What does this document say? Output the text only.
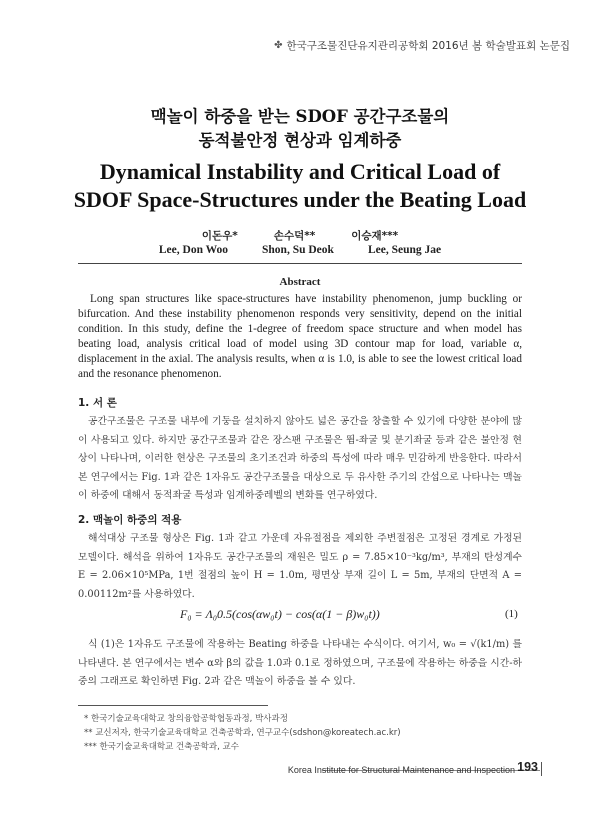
✤ 한국구조물진단유지관리공학회 2016년 봄 학술발표회 논문집
맥놀이 하중을 받는 SDOF 공간구조물의
동적불안정 현상과 임계하중
Dynamical Instability and Critical Load of
SDOF Space-Structures under the Beating Load
이돈우*	손수덕**	이승재***
Lee, Don Woo	Shon, Su Deok	Lee, Seung Jae
Abstract
Long span structures like space-structures have instability phenomenon, jump buckling or bifurcation. And these instability phenomenon responds very sensitivity, depend on the initial condition. In this study, define the 1-degree of freedom space structure and when model has beating load, analysis critical load of model using 3D contour map for load, variable α, displacement in the axial. The analysis results, when α is 1.0, is able to see the lowest critical load and the resonance phenomenon.
1. 서 론
공간구조물은 구조물 내부에 기둥을 설치하지 않아도 넓은 공간을 창출할 수 있기에 다양한 분야에 많이 사용되고 있다. 하지만 공간구조물과 같은 장스팬 구조물은 뜀-좌굴 및 분기좌굴 등과 같은 불안정 현상이 나타나며, 이러한 현상은 구조물의 초기조건과 하중의 특성에 따라 매우 민감하게 반응한다. 따라서 본 연구에서는 Fig. 1과 같은 1자유도 공간구조물을 대상으로 두 유사한 주기의 간섭으로 나타나는 맥놀이 하중에 대해서 동적좌굴 특성과 임계하중레벨의 변화를 연구하였다.
2. 맥놀이 하중의 적용
해석대상 구조물 형상은 Fig. 1과 같고 가운데 자유절점을 제외한 주변절점은 고정된 경계로 가정된 모델이다. 해석을 위하여 1자유도 공간구조물의 재원은 밀도 ρ = 7.85×10⁻³kg/m³, 부재의 탄성계수 E = 2.06×10⁵MPa, 1번 절점의 높이 H = 1.0m, 평면상 부재 길이 L = 5m, 부재의 단면적 A = 0.00112m²를 사용하였다.
F₀ = Λ₀0.5(cos(αw₀t) − cos(α(1 − β)w₀t))	(1)
식 (1)은 1자유도 구조물에 작용하는 Beating 하중을 나타내는 수식이다. 여기서, w₀ = √(k1/m) 를 나타낸다. 본 연구에서는 변수 α와 β의 값을 1.0과 0.1로 정하였으며, 구조물에 작용하는 하중을 시간-하중의 그래프로 확인하면 Fig. 2과 같은 맥놀이 하중을 볼 수 있다.
* 한국기술교육대학교 창의융합공학협동과정, 박사과정
** 교신저자, 한국기술교육대학교 건축공학과, 연구교수(sdshon@koreatech.ac.kr)
*** 한국기술교육대학교 건축공학과, 교수
Korea Institute for Structural Maintenance and Inspection 193
